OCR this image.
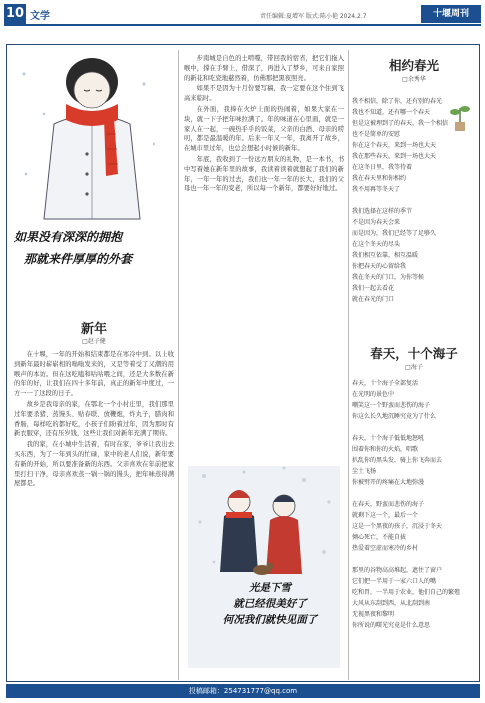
10 文学	责任编辑:夏增军 版式:陈小艳 2024.2.7	十堰周刊
如果没有深深的拥抱
那就来件厚厚的外套
新年
□赵子健

在十堰，一年的开始和结束都是在寒冷中到。以上收到新年最时崭崭相的嗡嗡发来的，又是等着受了又潮的用喉声的本访。但在这吃嗑和咕咕喂之间，还是大多数在新的年的好，让我们在四十多年前，真正的新年中度过，一方一一了这段的日子。

故乡是我母亲的家，在鄂北一个小村庄里，我们那里过年要杀猪、蒸馒头、贴春联、放鞭炮，炸丸子，腊肉和香肠，每样吃的都好吃，小孩子们盼着过年，因为那时有新衣服穿，还有压岁钱，这些让我们对新年充满了期待。

我的家，在小城中生活着，有时在家，爷爷让我出去买东西，为了一年到头的忙碌，家中的老人们说，新年要有新的开始，所以要准备新的东西。父亲喜欢在年前把家里打扫干净，母亲喜欢蒸一锅一锅的馒头，把年味蒸得满屋都是。

步南城是自色的土啃噬，带回我的宿省，把它们拖入喉中，撑在手臂上，借深了，再进入了梦乡，可来自家照的新花和吃瓷地慈然着，仿佛那把黑夜照亮。

如果不是因为十月份要写稿，我一定要在这个住到飞高来临时。

在外面，我捧在火炉上面的热闹着，如果大家在一块，就一下子把年味拉满了。年的味道在心里面，就是一家人在一起，一碗热乎乎的饭菜，父亲的白酒、母亲的唠叨，都是最温暖的年。后来一年又一年，我离开了故乡，在城市里过年，也总会想起小时候的新年。

年底，我收到了一份远方朋友的礼物，是一本书，书中写着她在新年里的故事，我读着读着就想起了我们的新年，一年一年的过去，我们也一年一年的长大，我们的父母也一年一年的变老，所以每一个新年，都要好好地过。

光是下雪
就已经很美好了
何况我们就快见面了
相约春光
□余秀华
我不相信，除了你，还有别的春光
我也不知道，还有哪一个春天
但是这被埋到了的春天，我一个相信
也不是简单的安慰
你在这个春天，来到一场也大天
我在那些春天，来到一场也大天
在这冬日里，我等待着
我在春天里和你相约
我不用再等冬天了
我们选择在这样的季节
不是因为春天会来
而是因为，我们已经等了足够久
在这个冬天的尽头
我们相互依靠，相互温暖
你把春天的心留给我
我在冬天的门口，为你等候
我们一起去看花
就在春光的门口
春天，十个海子
□海子
春天，十个海子全部复活
在光明的景色中
嘲笑这一个野蛮而悲伤的海子
你这么长久地沉睡究竟为了什么
春天，十个海子低低地怒吼
围着你和你的火焰，唱歌
扒乱你的黑头发，骑上你飞奔而去
尘土飞扬
你被劈开的疼痛在大地弥漫
在春天，野蛮而悲伤的海子
就剩下这一个，最后一个
这是一个黑夜的孩子，沉浸于冬天
倾心死亡，不能自拔
热爱着空虚而寒冷的乡村
那里的谷物高高堆起，遮住了窗户
它们把一半用于一家六口人的嘴
吃和胃，一半用于农业，他们自己的繁殖
大风从东刮到西，从北刮到南
无视黑夜和黎明
你所说的曙光究竟是什么意思
投稿邮箱：254731777@qq.com
